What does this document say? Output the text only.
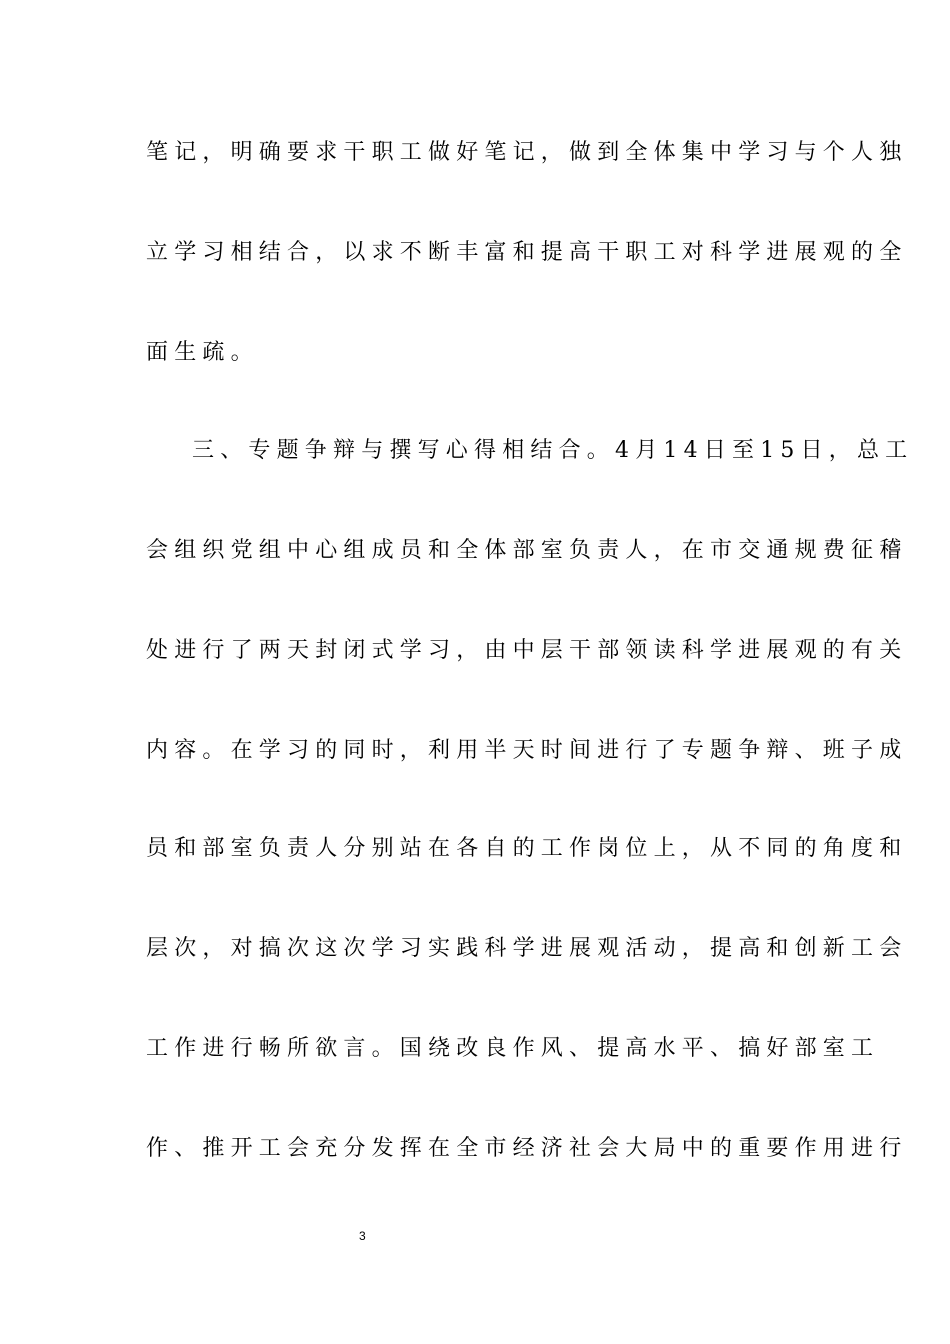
笔记，明确要求干职工做好笔记，做到全体集中学习与个人独
立学习相结合，以求不断丰富和提高干职工对科学进展观的全
面生疏。
三、专题争辩与撰写心得相结合。4月14日至15日，总工
会组织党组中心组成员和全体部室负责人，在市交通规费征稽
处进行了两天封闭式学习，由中层干部领读科学进展观的有关
内容。在学习的同时，利用半天时间进行了专题争辩、班子成
员和部室负责人分别站在各自的工作岗位上，从不同的角度和
层次，对搞次这次学习实践科学进展观活动，提高和创新工会
工作进行畅所欲言。国绕改良作风、提高水平、搞好部室工
作、推开工会充分发挥在全市经济社会大局中的重要作用进行
3
